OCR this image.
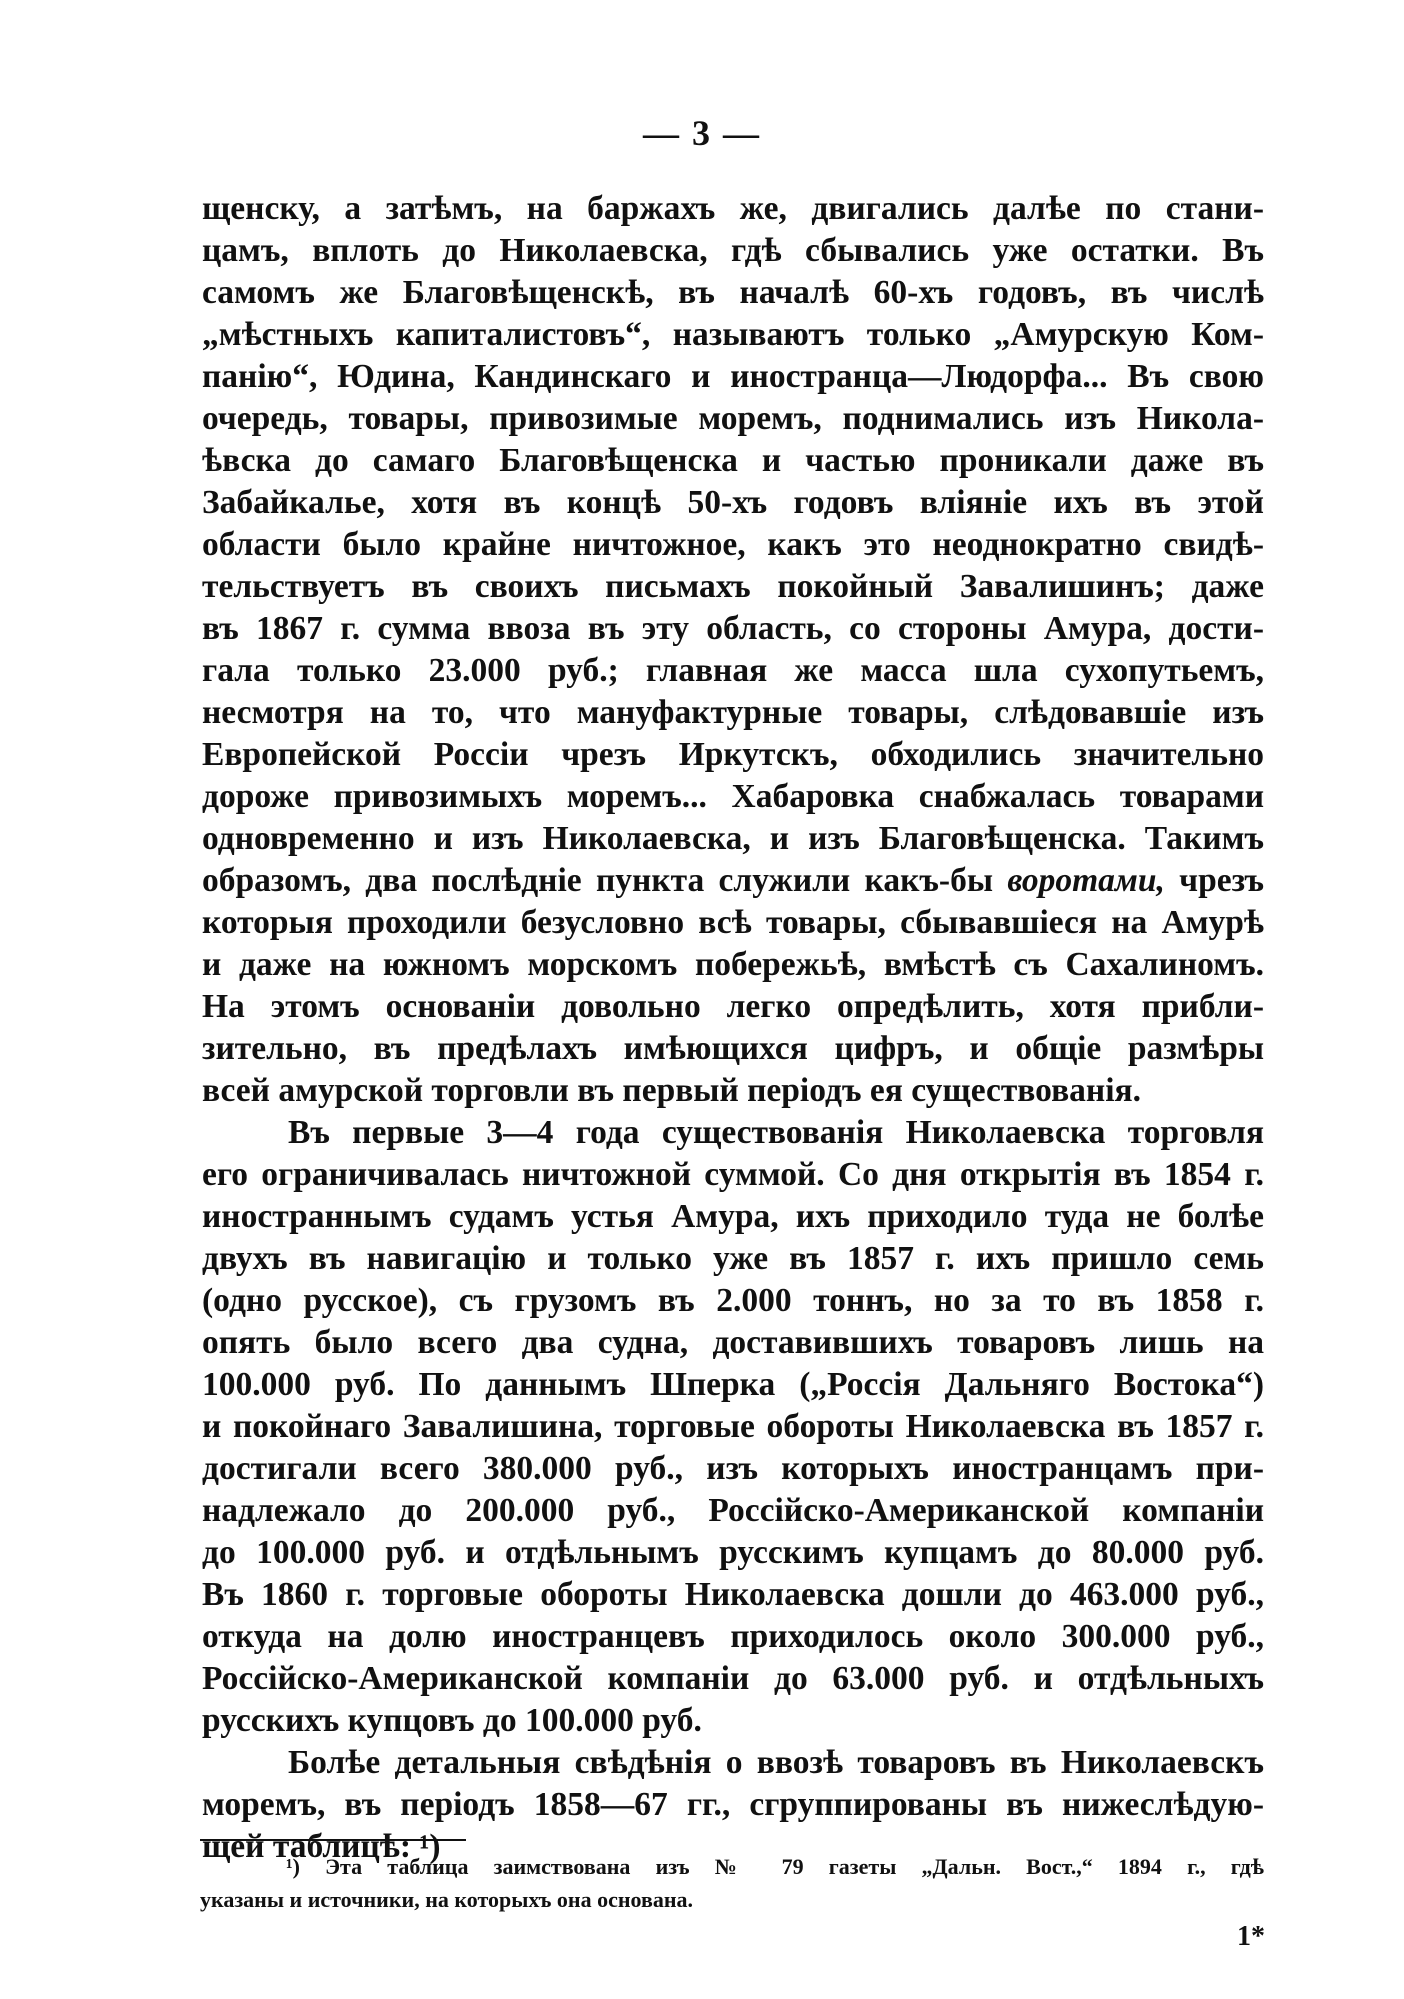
— 3 —
щенску, а затѣмъ, на баржахъ же, двигались далѣе по стани-
цамъ, вплоть до Николаевска, гдѣ сбывались уже остатки. Въ
самомъ же Благовѣщенскѣ, въ началѣ 60-хъ годовъ, въ числѣ
„мѣстныхъ капиталистовъ“, называютъ только „Амурскую Ком-
панію“, Юдина, Кандинскаго и иностранца—Людорфа... Въ свою
очередь, товары, привозимые моремъ, поднимались изъ Никола-
ѣвска до самаго Благовѣщенска и частью проникали даже въ
Забайкалье, хотя въ концѣ 50-хъ годовъ вліяніе ихъ въ этой
области было крайне ничтожное, какъ это неоднократно свидѣ-
тельствуетъ въ своихъ письмахъ покойный Завалишинъ; даже
въ 1867 г. сумма ввоза въ эту область, со стороны Амура, дости-
гала только 23.000 руб.; главная же масса шла сухопутьемъ,
несмотря на то, что мануфактурные товары, слѣдовавшіе изъ
Европейской Россіи чрезъ Иркутскъ, обходились значительно
дороже привозимыхъ моремъ... Хабаровка снабжалась товарами
одновременно и изъ Николаевска, и изъ Благовѣщенска. Такимъ
образомъ, два послѣдніе пункта служили какъ-бы воротами, чрезъ
которыя проходили безусловно всѣ товары, сбывавшіеся на Амурѣ
и даже на южномъ морскомъ побережьѣ, вмѣстѣ съ Сахалиномъ.
На этомъ основаніи довольно легко опредѣлить, хотя прибли-
зительно, въ предѣлахъ имѣющихся цифръ, и общіе размѣры
всей амурской торговли въ первый періодъ ея существованія.
Въ первые 3—4 года существованія Николаевска торговля
его ограничивалась ничтожной суммой. Со дня открытія въ 1854 г.
иностраннымъ судамъ устья Амура, ихъ приходило туда не болѣе
двухъ въ навигацію и только уже въ 1857 г. ихъ пришло семь
(одно русское), съ грузомъ въ 2.000 тоннъ, но за то въ 1858 г.
опять было всего два судна, доставившихъ товаровъ лишь на
100.000 руб. По даннымъ Шперка („Россія Дальняго Востока“)
и покойнаго Завалишина, торговые обороты Николаевска въ 1857 г.
достигали всего 380.000 руб., изъ которыхъ иностранцамъ при-
надлежало до 200.000 руб., Россійско-Американской компаніи
до 100.000 руб. и отдѣльнымъ русскимъ купцамъ до 80.000 руб.
Въ 1860 г. торговые обороты Николаевска дошли до 463.000 руб.,
откуда на долю иностранцевъ приходилось около 300.000 руб.,
Россійско-Американской компаніи до 63.000 руб. и отдѣльныхъ
русскихъ купцовъ до 100.000 руб.
Болѣе детальныя свѣдѣнія о ввозѣ товаровъ въ Николаевскъ
моремъ, въ періодъ 1858—67 гг., сгруппированы въ нижеслѣдую-
щей таблицѣ: ¹)
¹) Эта таблица заимствована изъ № 79 газеты „Дальн. Вост.,“ 1894 г., гдѣ
указаны и источники, на которыхъ она основана.
1*
